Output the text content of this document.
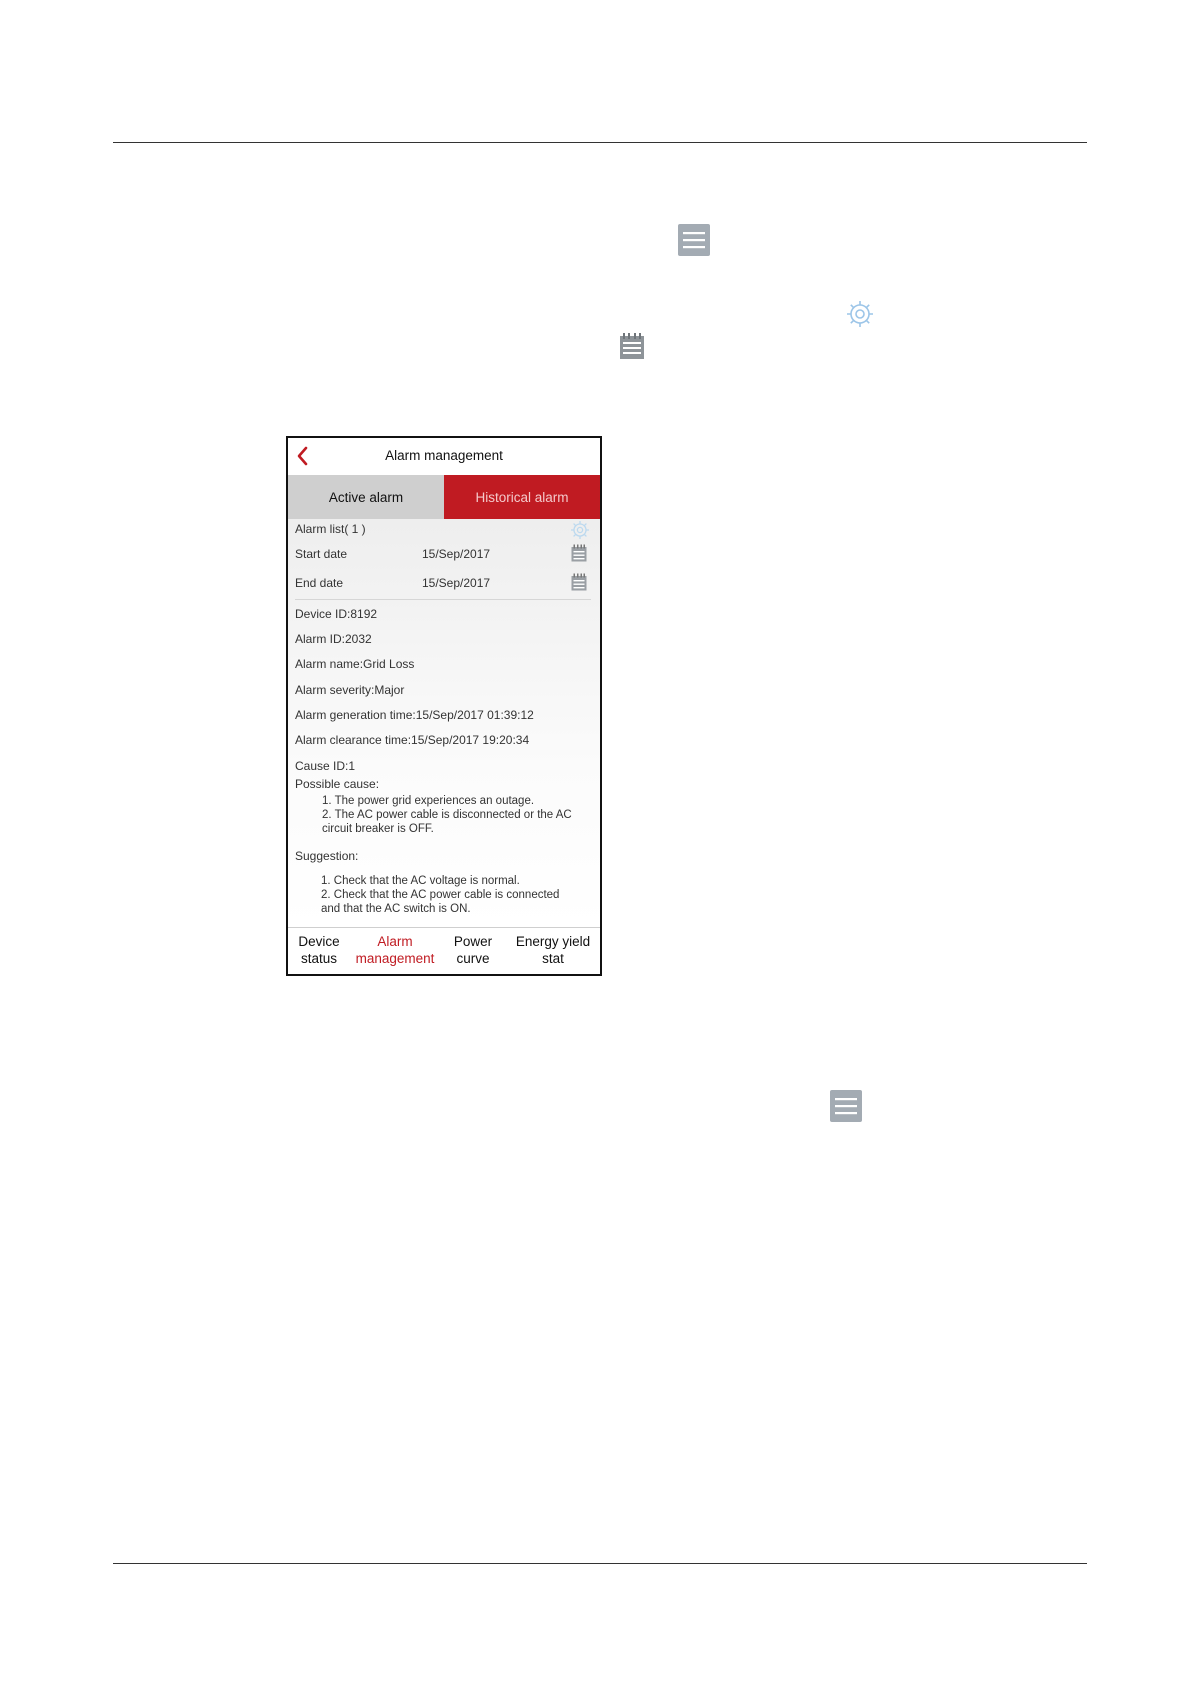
Alarm management
Active alarm	Historical alarm
Alarm list( 1 )
Start date	15/Sep/2017
End date	15/Sep/2017
Device ID:8192
Alarm ID:2032
Alarm name:Grid Loss
Alarm severity:Major
Alarm generation time:15/Sep/2017 01:39:12
Alarm clearance time:15/Sep/2017 19:20:34
Cause ID:1
Possible cause:
1. The power grid experiences an outage.
2. The AC power cable is disconnected or the AC
circuit breaker is OFF.
Suggestion:
1. Check that the AC voltage is normal.
2. Check that the AC power cable is connected
and that the AC switch is ON.
Device
status
Alarm
management
Power
curve
Energy yield
stat
